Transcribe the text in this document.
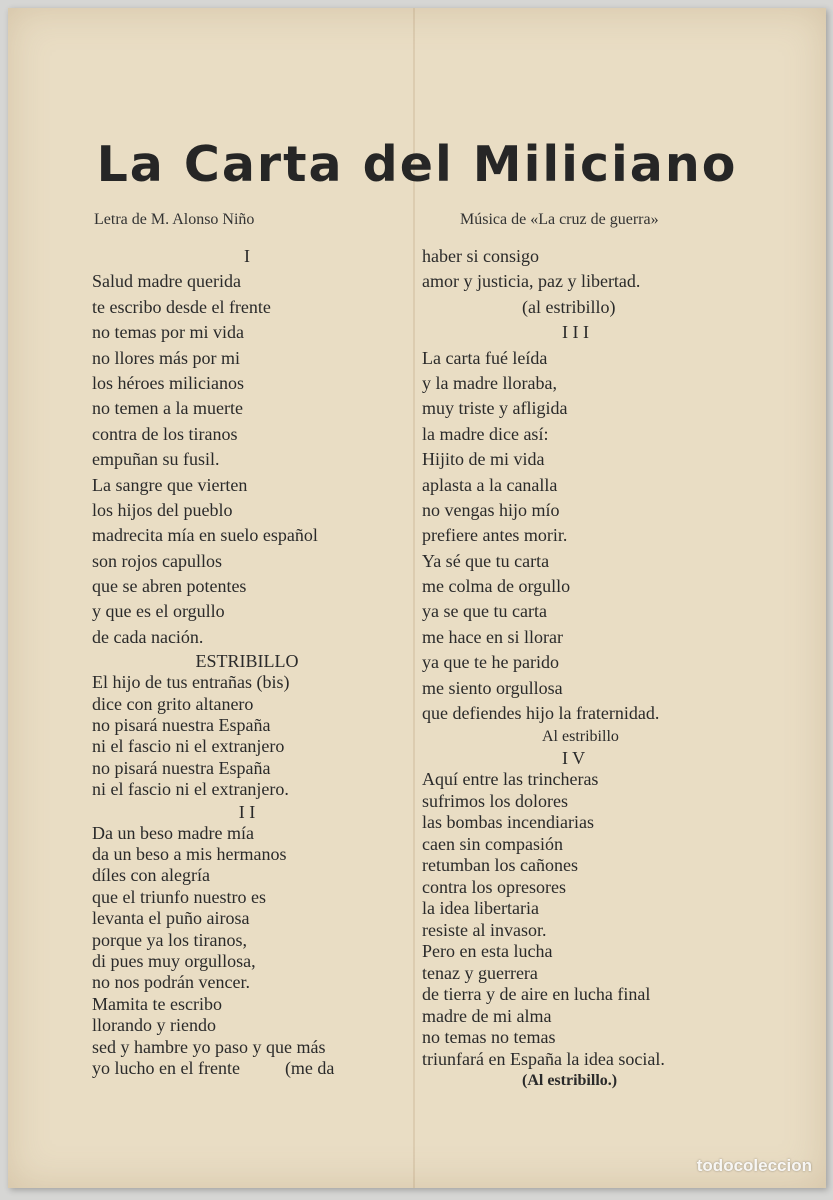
La Carta del Miliciano
Letra de M. Alonso Niño	Música de «La cruz de guerra»
I
Salud madre querida
te escribo desde el frente
no temas por mi vida
no llores más por mi
los héroes milicianos
no temen a la muerte
contra de los tiranos
empuñan su fusil.
La sangre que vierten
los hijos del pueblo
madrecita mía en suelo español
son rojos capullos
que se abren potentes
y que es el orgullo
de cada nación.
ESTRIBILLO
El hijo de tus entrañas (bis)
dice con grito altanero
no pisará nuestra España
ni el fascio ni el extranjero
no pisará nuestra España
ni el fascio ni el extranjero.
I I
Da un beso madre mía
da un beso a mis hermanos
díles con alegría
que el triunfo nuestro es
levanta el puño airosa
porque ya los tiranos,
di pues muy orgullosa,
no nos podrán vencer.
Mamita te escribo
llorando y riendo
sed y hambre yo paso y que más
yo lucho en el frente          (me da
haber si consigo
amor y justicia, paz y libertad.
(al estribillo)
I I I
La carta fué leída
y la madre lloraba,
muy triste y afligida
la madre dice así:
Hijito de mi vida
aplasta a la canalla
no vengas hijo mío
prefiere antes morir.
Ya sé que tu carta
me colma de orgullo
ya se que tu carta
me hace en si llorar
ya que te he parido
me siento orgullosa
que defiendes hijo la fraternidad.
Al estribillo
I V
Aquí entre las trincheras
sufrimos los dolores
las bombas incendiarias
caen sin compasión
retumban los cañones
contra los opresores
la idea libertaria
resiste al invasor.
Pero en esta lucha
tenaz y guerrera
de tierra y de aire en lucha final
madre de mi alma
no temas no temas
triunfará en España la idea social.
(Al estribillo.)
todocoleccion
